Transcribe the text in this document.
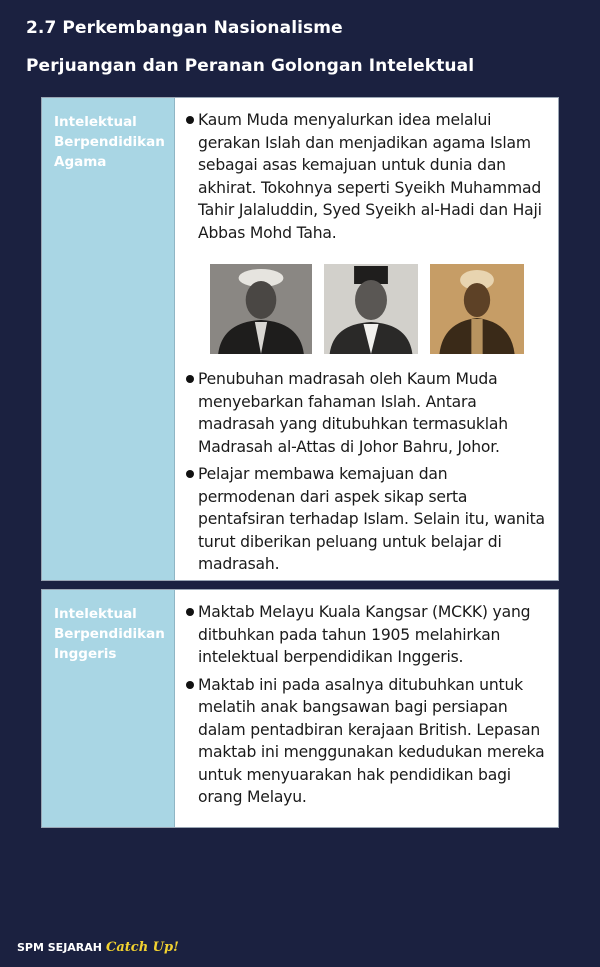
2.7 Perkembangan Nasionalisme
Perjuangan dan Peranan Golongan Intelektual
Intelektual Berpendidikan Agama
Kaum Muda menyalurkan idea melalui gerakan Islah dan menjadikan agama Islam sebagai asas kemajuan untuk dunia dan akhirat. Tokohnya seperti Syeikh Muhammad Tahir Jalaluddin, Syed Syeikh al-Hadi dan Haji Abbas Mohd Taha.
Penubuhan madrasah oleh Kaum Muda menyebarkan fahaman Islah. Antara madrasah yang ditubuhkan termasuklah Madrasah al-Attas di Johor Bahru, Johor.
Pelajar membawa kemajuan dan permodenan dari aspek sikap serta pentafsiran terhadap Islam. Selain itu, wanita turut diberikan peluang untuk belajar di madrasah.
Intelektual Berpendidikan Inggeris
Maktab Melayu Kuala Kangsar (MCKK) yang ditbuhkan pada tahun 1905 melahirkan intelektual berpendidikan Inggeris.
Maktab ini pada asalnya ditubuhkan untuk melatih anak bangsawan bagi persiapan dalam pentadbiran kerajaan British. Lepasan maktab ini menggunakan kedudukan mereka untuk menyuarakan hak pendidikan bagi orang Melayu.
SPM SEJARAH Catch Up!
